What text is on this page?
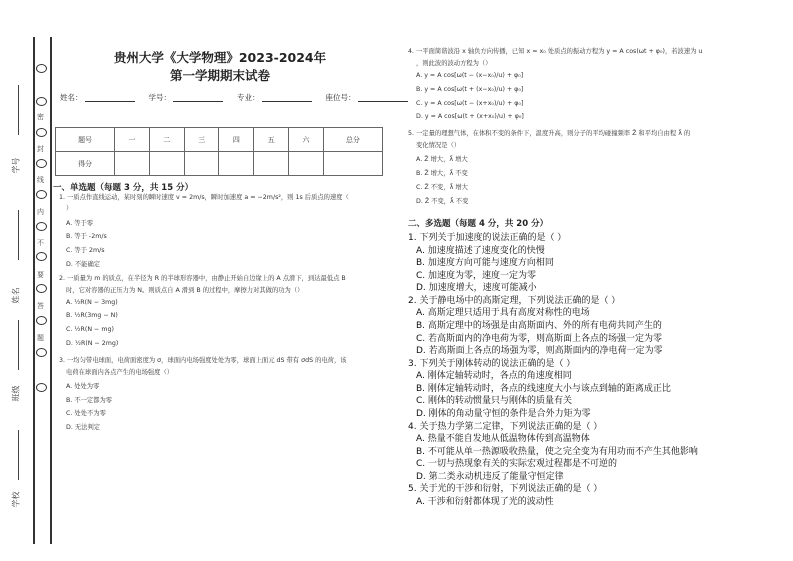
密
封
线
内
不
要
答
题
学号
姓名
班级
学校
贵州大学《大学物理》2023-2024年
第一学期期末试卷
姓名：	学号：	专业：	座位号：
题号	一	二	三	四	五	六	总分
得分							
一、单选题（每题 3 分，共 15 分）
二、多选题（每题 4 分，共 20 分）
1. 一质点作直线运动，某时刻的瞬时速度 v = 2m/s，瞬时加速度 a = −2m/s²，则 1s 后质点的速度（
）
A. 等于零
B. 等于 -2m/s
C. 等于 2m/s
D. 不能确定
2. 一质量为 m 的质点，在半径为 R 的半球形容器中，由静止开始自边缘上的 A 点滑下，到达最低点 B
时，它对容器的正压力为 N。则质点自 A 滑到 B 的过程中，摩擦力对其做的功为（）
A. ½R(N − 3mg)
B. ½R(3mg − N)
C. ½R(N − mg)
D. ½R(N − 2mg)
3. 一均匀带电球面，电荷面密度为 σ，球面内电场强度处处为零，球面上面元 dS 带有 σdS 的电荷，该
电荷在球面内各点产生的电场强度（）
A. 处处为零
B. 不一定都为零
C. 处处不为零
D. 无法判定
4. 一平面简谐波沿 x 轴负方向传播，已知 x = x₀ 处质点的振动方程为 y = A cos(ωt + φ₀)，若波速为 u
，则此波的波动方程为（）
A. y = A cos[ω(t − (x−x₀)/u) + φ₀]
B. y = A cos[ω(t + (x−x₀)/u) + φ₀]
C. y = A cos[ω(t − (x+x₀)/u) + φ₀]
D. y = A cos[ω(t + (x+x₀)/u) + φ₀]
5. 一定量的理想气体，在体积不变的条件下，温度升高，则分子的平均碰撞频率 Z̄ 和平均自由程 λ̄ 的
变化情况是（）
A. Z̄ 增大，λ̄ 增大
B. Z̄ 增大，λ̄ 不变
C. Z̄ 不变，λ̄ 增大
D. Z̄ 不变，λ̄ 不变
1. 下列关于加速度的说法正确的是（ ）
A. 加速度描述了速度变化的快慢
B. 加速度方向可能与速度方向相同
C. 加速度为零，速度一定为零
D. 加速度增大，速度可能减小
2. 关于静电场中的高斯定理，下列说法正确的是（ ）
A. 高斯定理只适用于具有高度对称性的电场
B. 高斯定理中的场强是由高斯面内、外的所有电荷共同产生的
C. 若高斯面内的净电荷为零，则高斯面上各点的场强一定为零
D. 若高斯面上各点的场强为零，则高斯面内的净电荷一定为零
3. 下列关于刚体转动的说法正确的是（ ）
A. 刚体定轴转动时，各点的角速度相同
B. 刚体定轴转动时，各点的线速度大小与该点到轴的距离成正比
C. 刚体的转动惯量只与刚体的质量有关
D. 刚体的角动量守恒的条件是合外力矩为零
4. 关于热力学第二定律，下列说法正确的是（ ）
A. 热量不能自发地从低温物体传到高温物体
B. 不可能从单一热源吸收热量，使之完全变为有用功而不产生其他影响
C. 一切与热现象有关的实际宏观过程都是不可逆的
D. 第二类永动机违反了能量守恒定律
5. 关于光的干涉和衍射，下列说法正确的是（ ）
A. 干涉和衍射都体现了光的波动性
